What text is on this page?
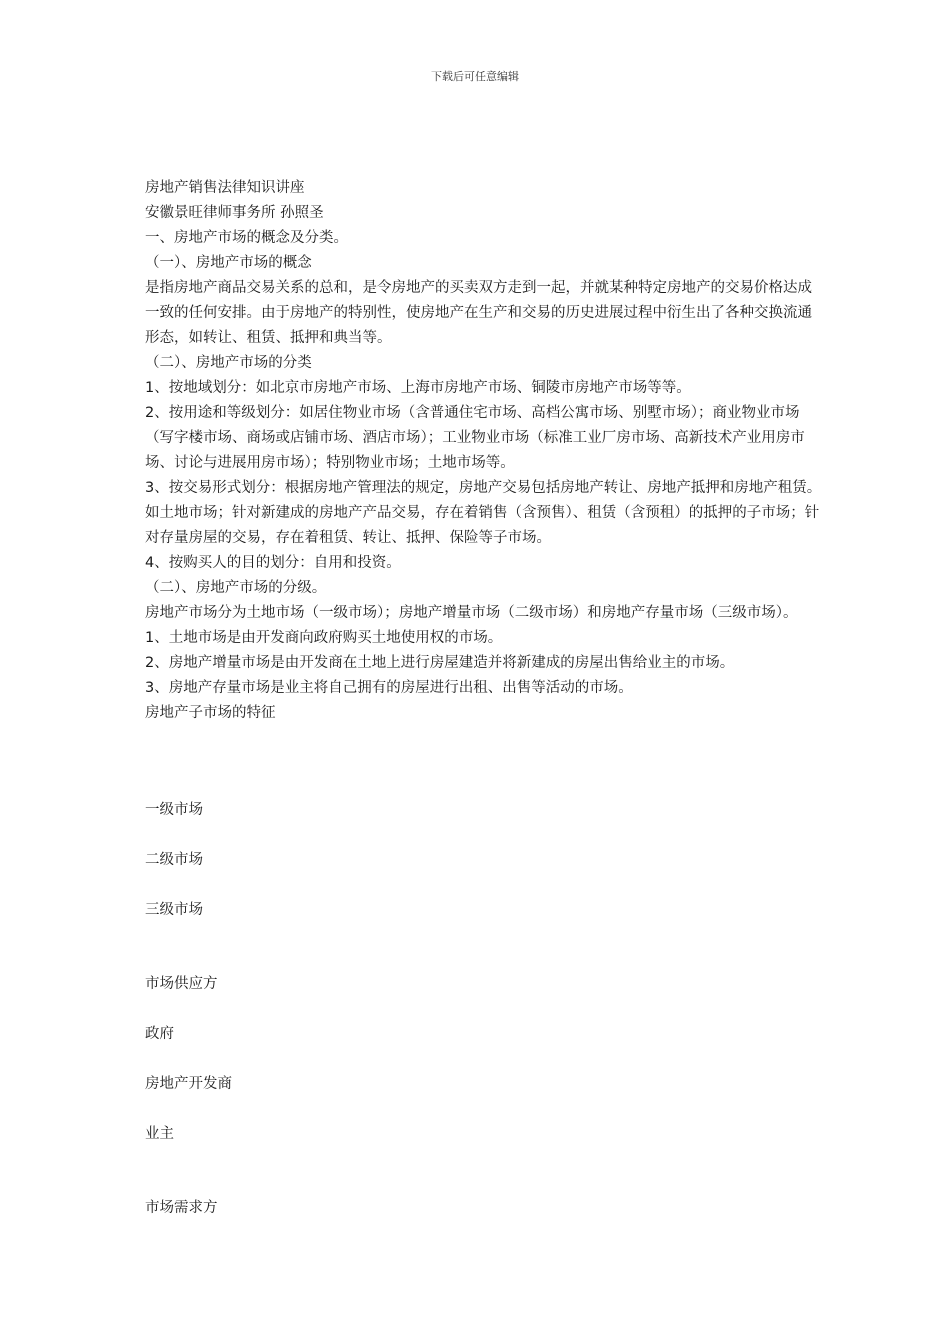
下载后可任意编辑

房地产销售法律知识讲座

安徽景旺律师事务所 孙照圣

一、房地产市场的概念及分类。

（一）、房地产市场的概念

是指房地产商品交易关系的总和，是令房地产的买卖双方走到一起，并就某种特定房地产的交易价格达成一致的任何安排。由于房地产的特别性，使房地产在生产和交易的历史进展过程中衍生出了各种交换流通形态，如转让、租赁、抵押和典当等。

（二）、房地产市场的分类

1、按地域划分：如北京市房地产市场、上海市房地产市场、铜陵市房地产市场等等。

2、按用途和等级划分：如居住物业市场（含普通住宅市场、高档公寓市场、别墅市场）；商业物业市场（写字楼市场、商场或店铺市场、酒店市场）；工业物业市场（标准工业厂房市场、高新技术产业用房市场、讨论与进展用房市场）；特别物业市场；土地市场等。

3、按交易形式划分：根据房地产管理法的规定，房地产交易包括房地产转让、房地产抵押和房地产租赁。如土地市场；针对新建成的房地产产品交易，存在着销售（含预售）、租赁（含预租）的抵押的子市场；针对存量房屋的交易，存在着租赁、转让、抵押、保险等子市场。

4、按购买人的目的划分：自用和投资。

（二）、房地产市场的分级。

房地产市场分为土地市场（一级市场）；房地产增量市场（二级市场）和房地产存量市场（三级市场）。

1、土地市场是由开发商向政府购买土地使用权的市场。

2、房地产增量市场是由开发商在土地上进行房屋建造并将新建成的房屋出售给业主的市场。

3、房地产存量市场是业主将自己拥有的房屋进行出租、出售等活动的市场。

房地产子市场的特征

一级市场
二级市场
三级市场
市场供应方
政府
房地产开发商
业主
市场需求方
